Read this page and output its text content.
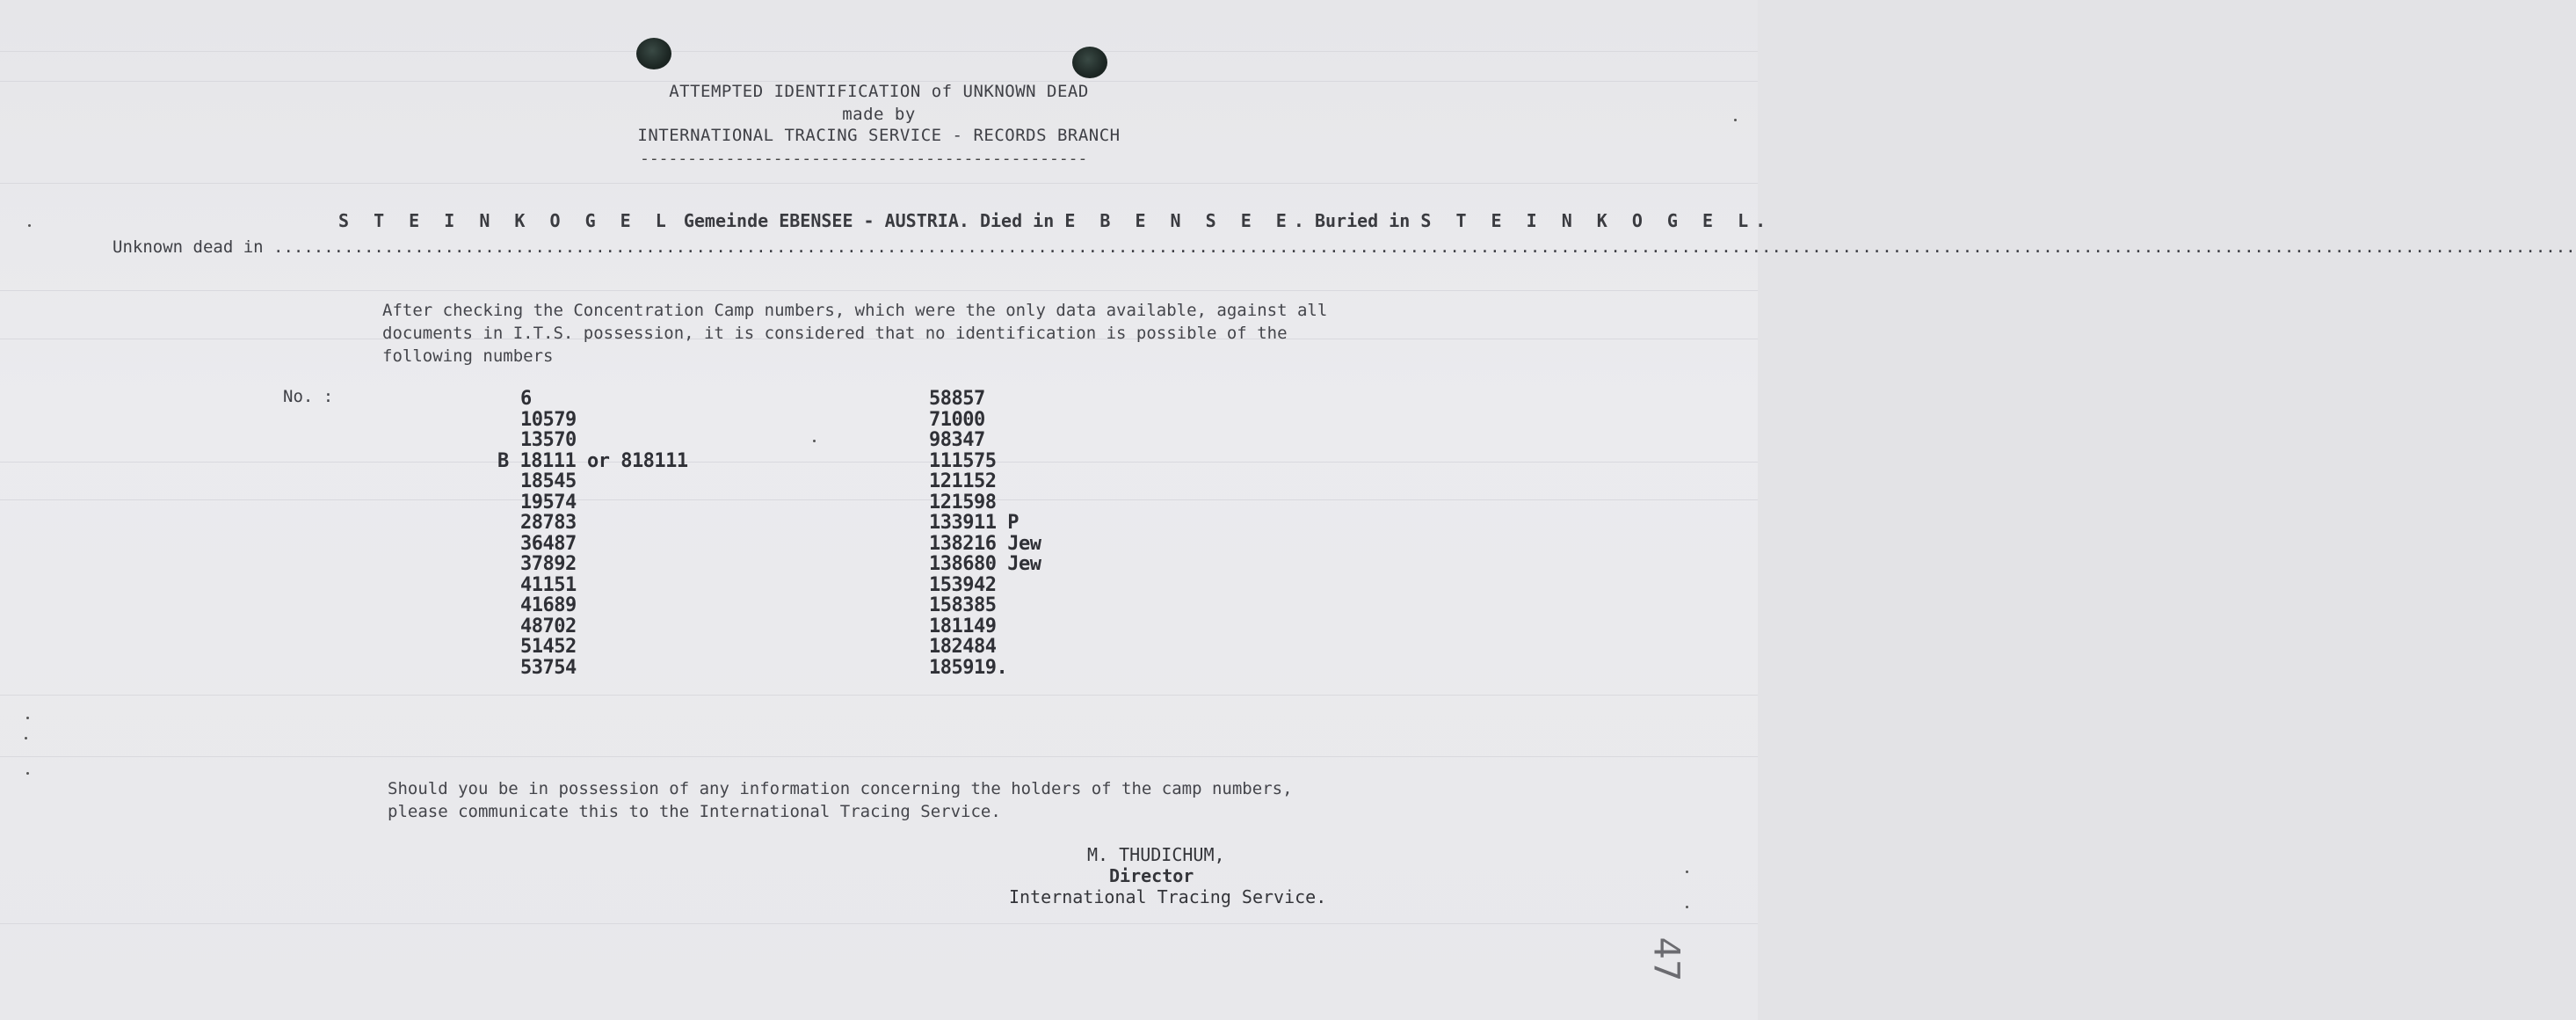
ATTEMPTED IDENTIFICATION of UNKNOWN DEAD
made by
INTERNATIONAL TRACING SERVICE - RECORDS BRANCH
-----------------------------------------------
S T E I N K O G E L Gemeinde EBENSEE - AUSTRIA. Died in E B E N S E E. Buried in S T E I N K O G E L.
Unknown dead in .....................................................................................................................................................................................................................................
After checking the Concentration Camp numbers, which were the only data available, against all
documents in I.T.S. possession, it is considered that no identification is possible of the
following numbers
No. :	6
10579
13570
B 18111 or 818111
18545
19574
28783
36487
37892
41151
41689
48702
51452
53754
58857
71000
98347
111575
121152
121598
133911 P
138216 Jew
138680 Jew
153942
158385
181149
182484
185919.
Should you be in possession of any information concerning the holders of the camp numbers,
please communicate this to the International Tracing Service.
M. THUDICHUM,
Director
International Tracing Service.
47
